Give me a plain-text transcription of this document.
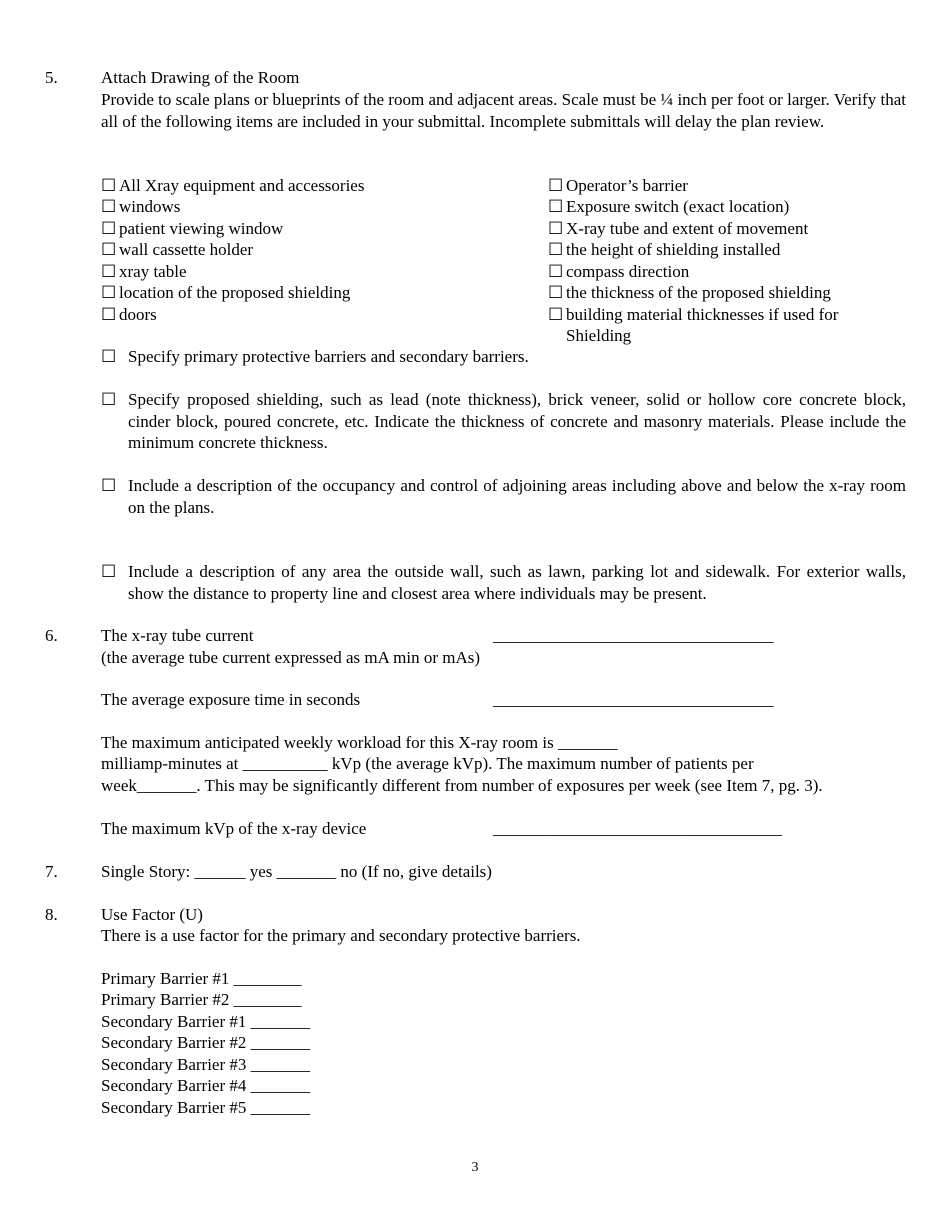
5.	Attach Drawing of the Room
Provide to scale plans or blueprints of the room and adjacent areas. Scale must be ¼ inch per foot or larger. Verify that all of the following items are included in your submittal. Incomplete submittals will delay the plan review.
☐ All Xray equipment and accessories
☐ windows
☐ patient viewing window
☐ wall cassette holder
☐ xray table
☐ location of the proposed shielding
☐ doors
☐ Operator’s barrier
☐ Exposure switch (exact location)
☐ X-ray tube and extent of movement
☐ the height of shielding installed
☐ compass direction
☐ the thickness of the proposed shielding
☐ building material thicknesses if used for
Shielding
☐ Specify primary protective barriers and secondary barriers.
☐ Specify proposed shielding, such as lead (note thickness), brick veneer, solid or hollow core concrete block, cinder block, poured concrete, etc. Indicate the thickness of concrete and masonry materials. Please include the minimum concrete thickness.
☐ Include a description of the occupancy and control of adjoining areas including above and below the x-ray room on the plans.
☐ Include a description of any area the outside wall, such as lawn, parking lot and sidewalk. For exterior walls, show the distance to property line and closest area where individuals may be present.
6.	The x-ray tube current	_________________________________
(the average tube current expressed as mA min or mAs)
The average exposure time in seconds	_________________________________
The maximum anticipated weekly workload for this X-ray room is _______
milliamp-minutes at __________ kVp (the average kVp). The maximum number of patients per
week_______. This may be significantly different from number of exposures per week (see Item 7, pg. 3).
The maximum kVp of the x-ray device	__________________________________
7.	Single Story: ______ yes _______ no (If no, give details)
8.	Use Factor (U)
There is a use factor for the primary and secondary protective barriers.
Primary Barrier #1 ________
Primary Barrier #2 ________
Secondary Barrier #1 _______
Secondary Barrier #2 _______
Secondary Barrier #3 _______
Secondary Barrier #4 _______
Secondary Barrier #5 _______
3
